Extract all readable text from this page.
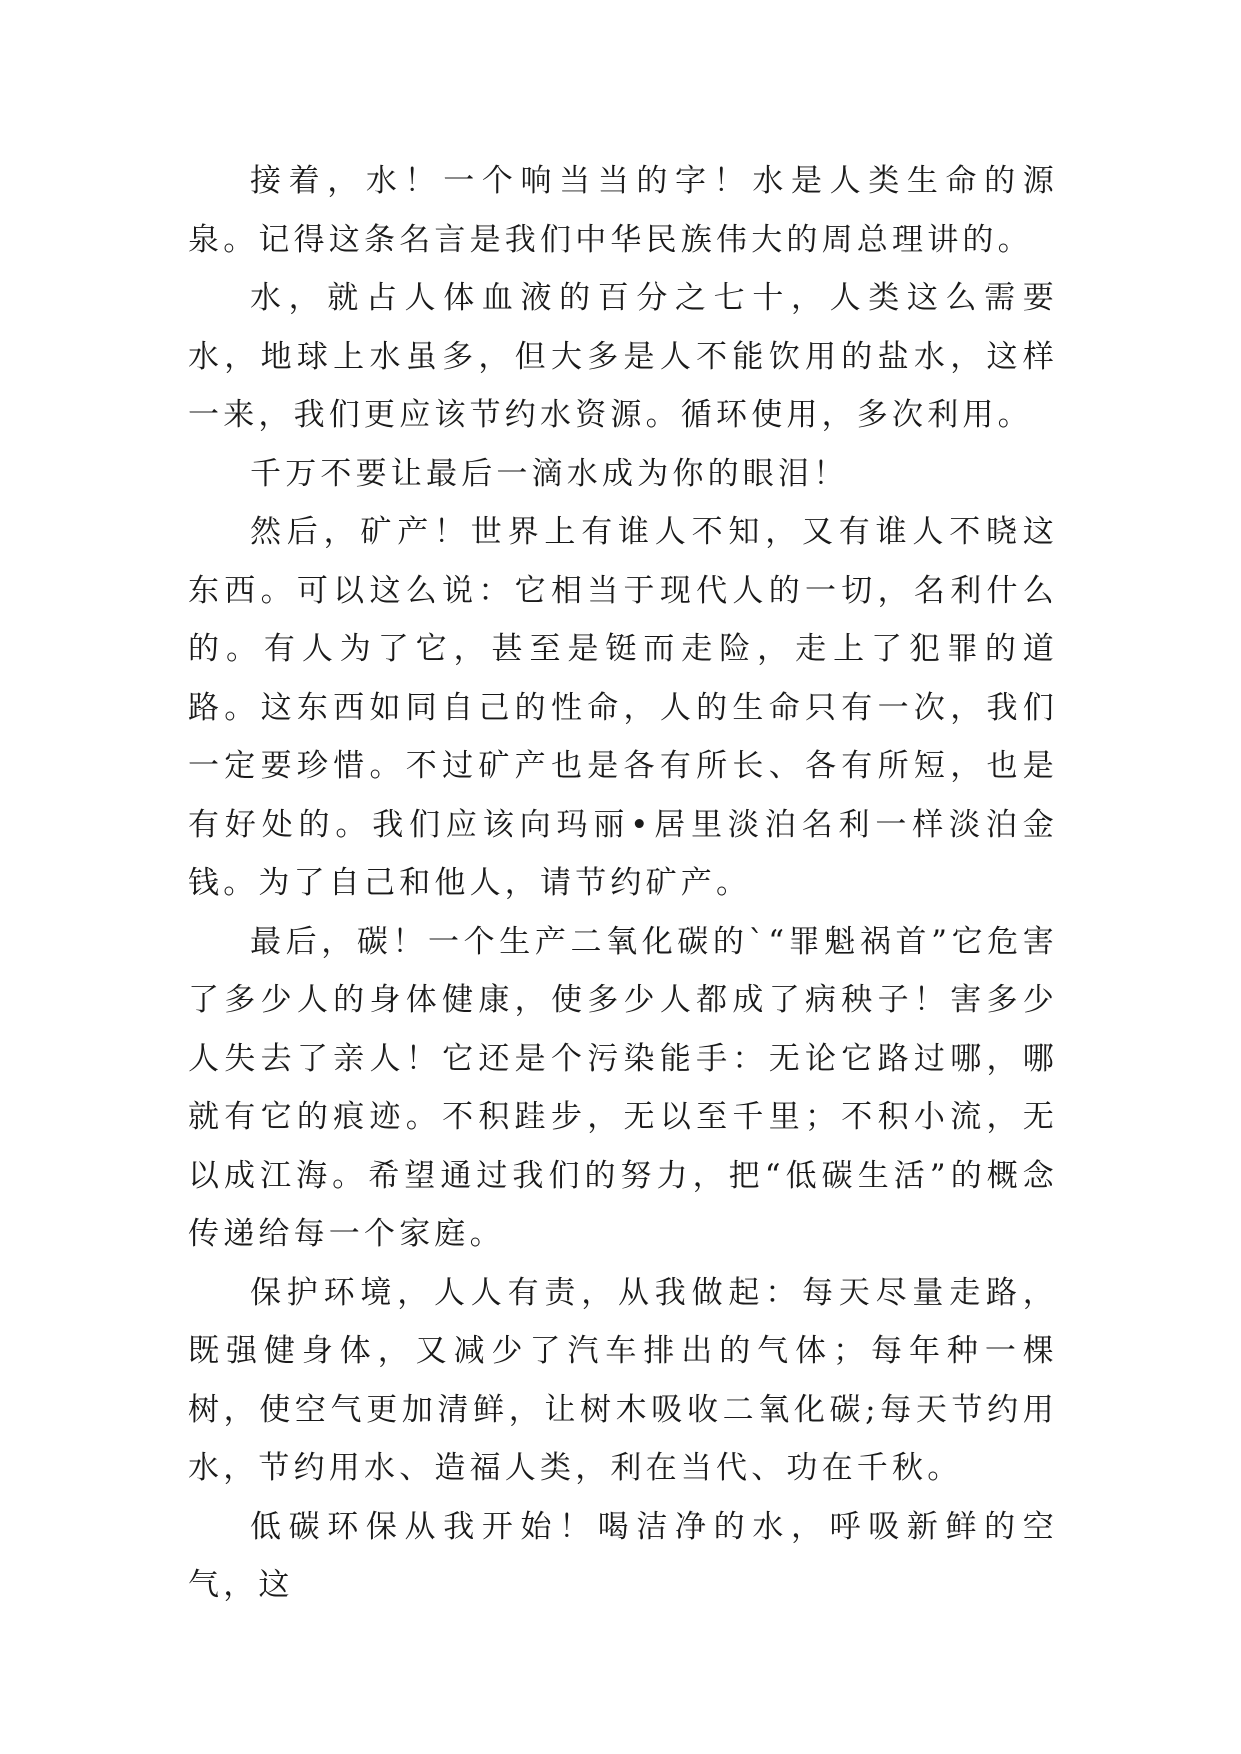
接着，水！一个响当当的字！水是人类生命的源泉。记得这条名言是我们中华民族伟大的周总理讲的。

水，就占人体血液的百分之七十，人类这么需要水，地球上水虽多，但大多是人不能饮用的盐水，这样一来，我们更应该节约水资源。循环使用，多次利用。

千万不要让最后一滴水成为你的眼泪！

然后，矿产！世界上有谁人不知，又有谁人不晓这东西。可以这么说：它相当于现代人的一切，名利什么的。有人为了它，甚至是铤而走险，走上了犯罪的道路。这东西如同自己的性命，人的生命只有一次，我们一定要珍惜。不过矿产也是各有所长、各有所短，也是有好处的。我们应该向玛丽•居里淡泊名利一样淡泊金钱。为了自己和他人，请节约矿产。

最后，碳！一个生产二氧化碳的`“罪魁祸首”它危害了多少人的身体健康，使多少人都成了病秧子！害多少人失去了亲人！它还是个污染能手：无论它路过哪，哪就有它的痕迹。不积跬步，无以至千里；不积小流，无以成江海。希望通过我们的努力，把“低碳生活”的概念传递给每一个家庭。

保护环境，人人有责，从我做起：每天尽量走路，既强健身体，又减少了汽车排出的气体；每年种一棵树，使空气更加清鲜，让树木吸收二氧化碳;每天节约用水，节约用水、造福人类，利在当代、功在千秋。

低碳环保从我开始！喝洁净的水，呼吸新鲜的空气，这
